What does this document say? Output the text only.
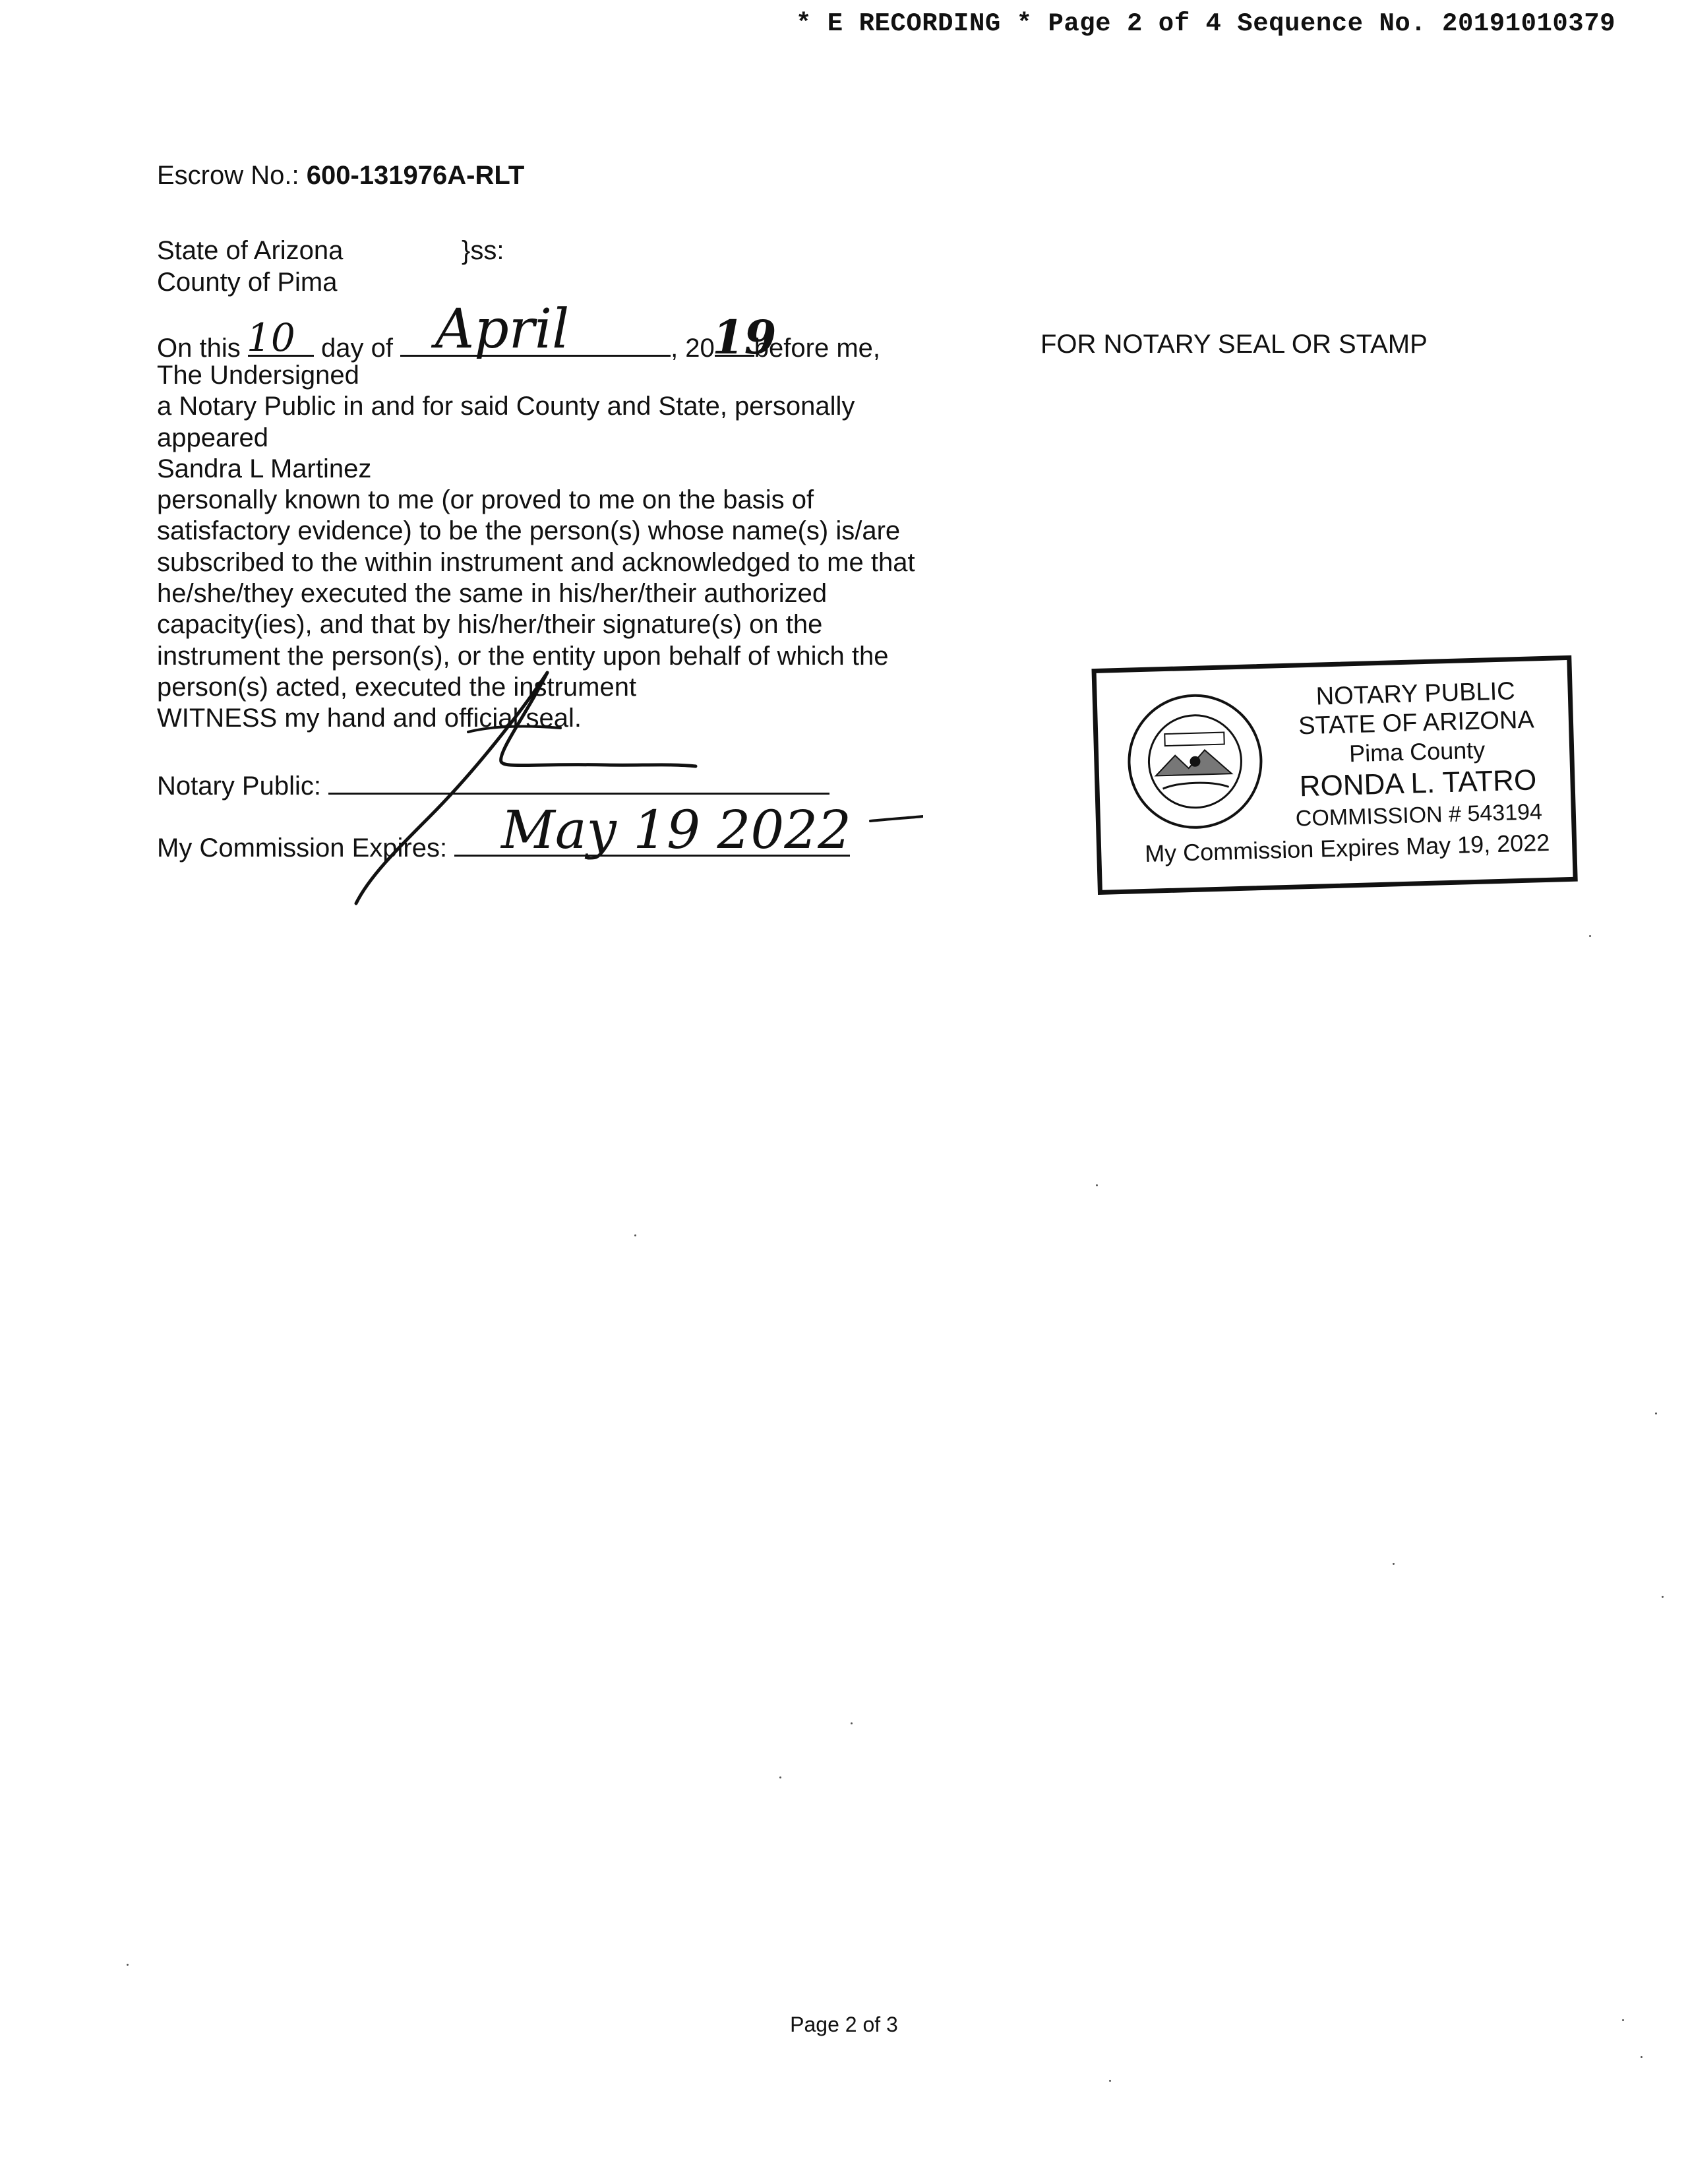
* E RECORDING * Page 2 of 4 Sequence No. 20191010379
Escrow No.: 600-131976A-RLT
State of Arizona	}ss:
County of Pima
On this	day of	, 20 before me,
10	April	19	FOR NOTARY SEAL OR STAMP
The Undersigned
a Notary Public in and for said County and State, personally
appeared
Sandra L Martinez
personally known to me (or proved to me on the basis of
satisfactory evidence) to be the person(s) whose name(s) is/are
subscribed to the within instrument and acknowledged to me that
he/she/they executed the same in his/her/their authorized
capacity(ies), and that by his/her/their signature(s) on the
instrument the person(s), or the entity upon behalf of which the
person(s) acted, executed the instrument
WITNESS my hand and official seal.
Notary Public:
My Commission Expires:	May 19 2022
NOTARY PUBLIC
STATE OF ARIZONA
Pima County
RONDA L. TATRO
COMMISSION # 543194
My Commission Expires May 19, 2022
Page 2 of 3
